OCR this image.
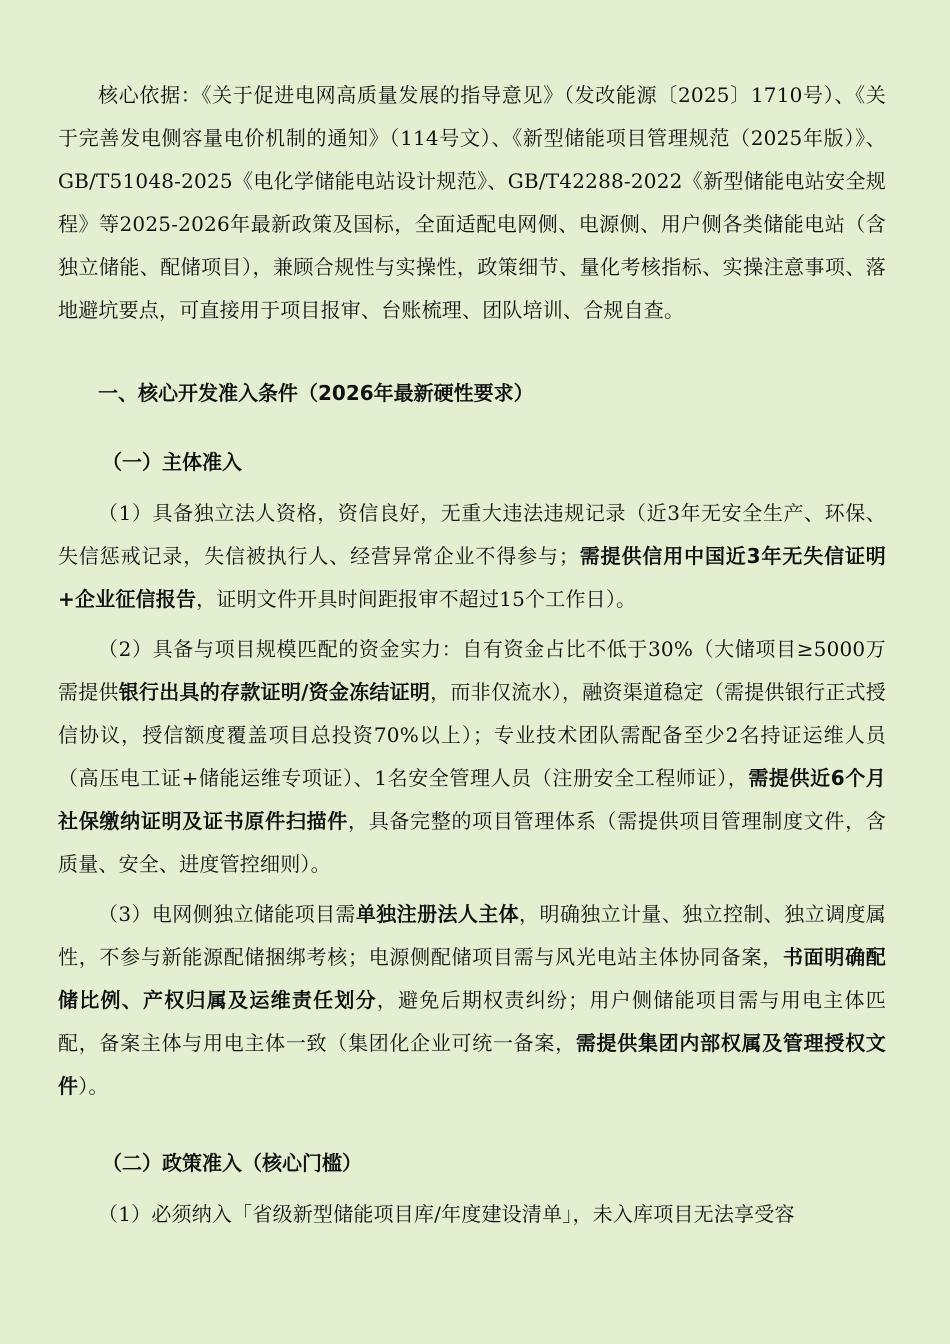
核心依据：《关于促进电网高质量发展的指导意见》（发改能源〔2025〕1710号）、《关于完善发电侧容量电价机制的通知》（114号文）、《新型储能项目管理规范（2025年版）》、GB/T51048-2025《电化学储能电站设计规范》、GB/T42288-2022《新型储能电站安全规程》等2025-2026年最新政策及国标，全面适配电网侧、电源侧、用户侧各类储能电站（含独立储能、配储项目），兼顾合规性与实操性，政策细节、量化考核指标、实操注意事项、落地避坑要点，可直接用于项目报审、台账梳理、团队培训、合规自查。

一、核心开发准入条件（2026年最新硬性要求）
（一）主体准入

（1）具备独立法人资格，资信良好，无重大违法违规记录（近3年无安全生产、环保、失信惩戒记录，失信被执行人、经营异常企业不得参与；需提供信用中国近3年无失信证明+企业征信报告，证明文件开具时间距报审不超过15个工作日）。

（2）具备与项目规模匹配的资金实力：自有资金占比不低于30%（大储项目≥5000万需提供银行出具的存款证明/资金冻结证明，而非仅流水），融资渠道稳定（需提供银行正式授信协议，授信额度覆盖项目总投资70%以上）；专业技术团队需配备至少2名持证运维人员（高压电工证+储能运维专项证）、1名安全管理人员（注册安全工程师证），需提供近6个月社保缴纳证明及证书原件扫描件，具备完整的项目管理体系（需提供项目管理制度文件，含质量、安全、进度管控细则）。

（3）电网侧独立储能项目需单独注册法人主体，明确独立计量、独立控制、独立调度属性，不参与新能源配储捆绑考核；电源侧配储项目需与风光电站主体协同备案，书面明确配储比例、产权归属及运维责任划分，避免后期权责纠纷；用户侧储能项目需与用电主体匹配，备案主体与用电主体一致（集团化企业可统一备案，需提供集团内部权属及管理授权文件）。

（二）政策准入（核心门槛）

（1）必须纳入「省级新型储能项目库/年度建设清单」，未入库项目无法享受容
